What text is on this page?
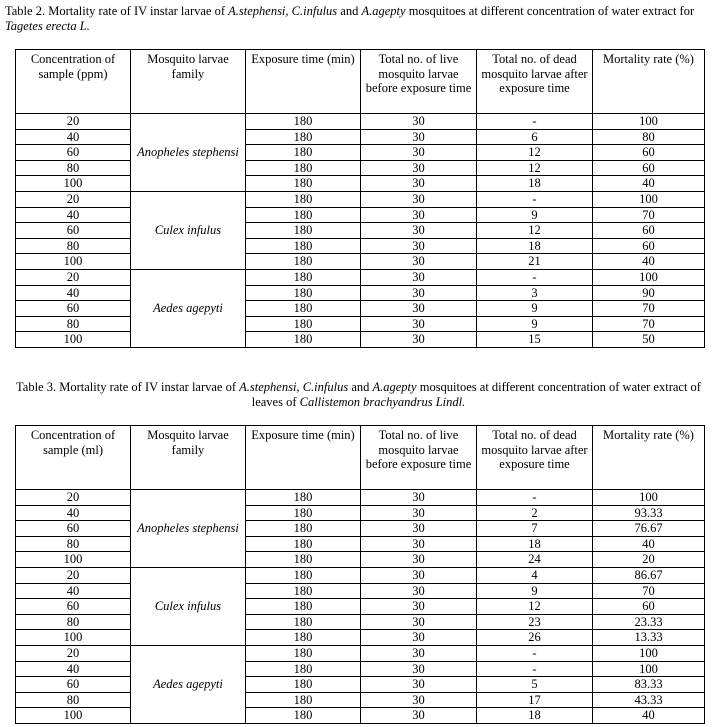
Table 2. Mortality rate of IV instar larvae of A.stephensi, C.infulus and A.agepty mosquitoes at different concentration of water extract for Tagetes erecta L.
Concentration of sample (ppm)	Mosquito larvae family	Exposure time (min)	Total no. of live mosquito larvae before exposure time	Total no. of dead mosquito larvae after exposure time	Mortality rate (%)
20	Anopheles stephensi	180	30	-	100
40		180	30	6	80
60		180	30	12	60
80		180	30	12	60
100		180	30	18	40
20	Culex infulus	180	30	-	100
40		180	30	9	70
60		180	30	12	60
80		180	30	18	60
100		180	30	21	40
20	Aedes agepyti	180	30	-	100
40		180	30	3	90
60		180	30	9	70
80		180	30	9	70
100		180	30	15	50
Table 3. Mortality rate of IV instar larvae of A.stephensi, C.infulus and A.agepty mosquitoes at different concentration of water extract of leaves of Callistemon brachyandrus Lindl.
Concentration of sample (ml)	Mosquito larvae family	Exposure time (min)	Total no. of live mosquito larvae before exposure time	Total no. of dead mosquito larvae after exposure time	Mortality rate (%)
20	Anopheles stephensi	180	30	-	100
40		180	30	2	93.33
60		180	30	7	76.67
80		180	30	18	40
100		180	30	24	20
20	Culex infulus	180	30	4	86.67
40		180	30	9	70
60		180	30	12	60
80		180	30	23	23.33
100		180	30	26	13.33
20	Aedes agepyti	180	30	-	100
40		180	30	-	100
60		180	30	5	83.33
80		180	30	17	43.33
100		180	30	18	40
